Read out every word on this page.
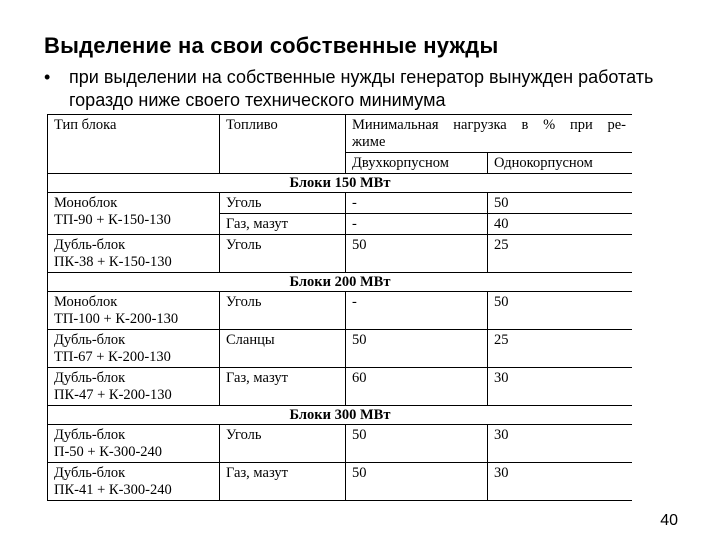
Выделение на свои собственные нужды
• при выделении на собственные нужды генератор вынужден работать гораздо ниже своего технического минимума
Тип блока	Топливо	Минимальная нагрузка в % при ре-
жиме	

		Двухкорпусном	Однокорпусном
Блоки 150 МВт			

Моноблок
ТП-90 + К-150-130	Уголь	-	50
	Газ, мазут	-	40

Дубль-блок
ПК-38 + К-150-130	Уголь	50	25
Блоки 200 МВт			

Моноблок
ТП-100 + К-200-130	Уголь	-	50

Дубль-блок
ТП-67 + К-200-130	Сланцы	50	25

Дубль-блок
ПК-47 + К-200-130	Газ, мазут	60	30
Блоки 300 МВт			

Дубль-блок
П-50 + К-300-240	Уголь	50	30

Дубль-блок
ПК-41 + К-300-240	Газ, мазут	50	30
40
